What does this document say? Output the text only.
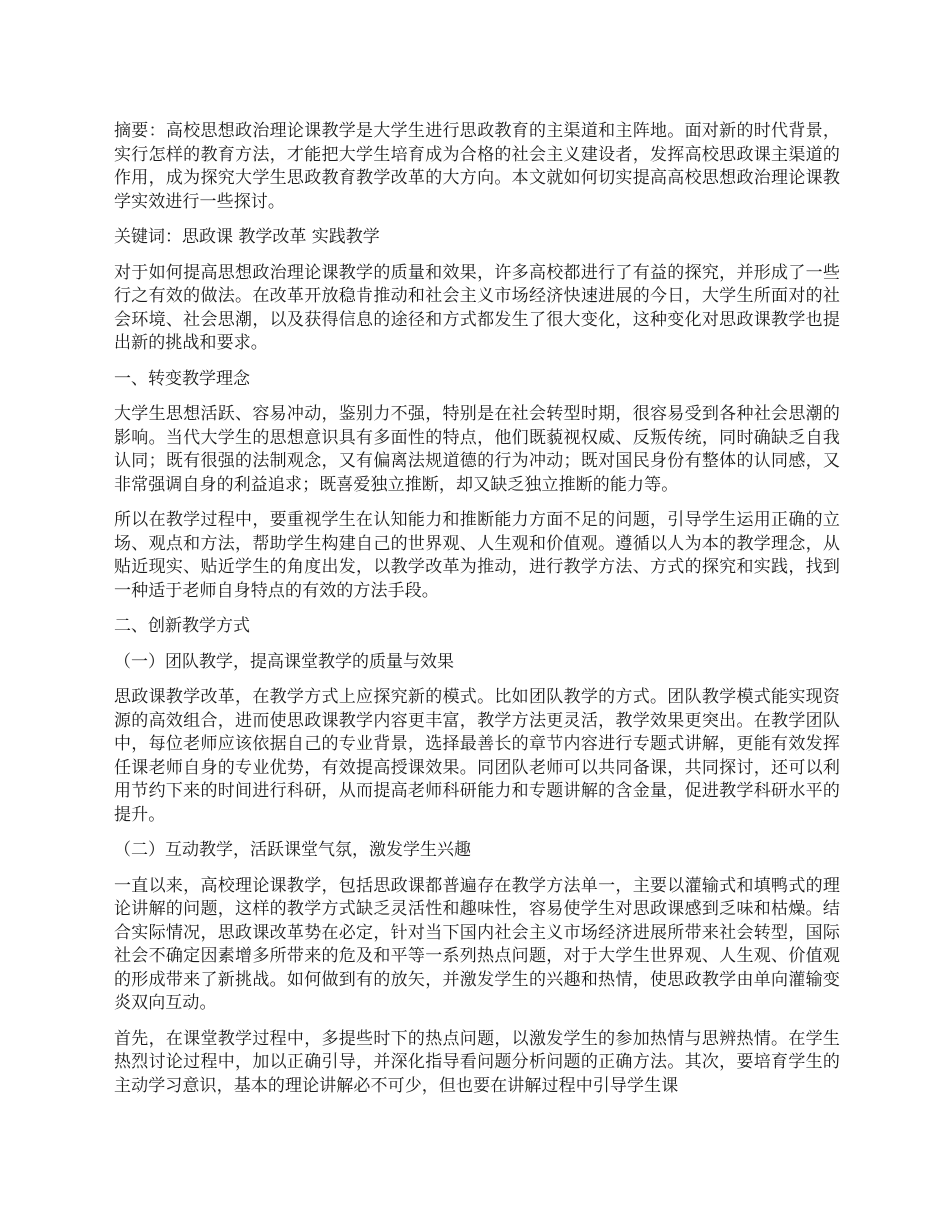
摘要：高校思想政治理论课教学是大学生进行思政教育的主渠道和主阵地。面对新的时代背景，实行怎样的教育方法，才能把大学生培育成为合格的社会主义建设者，发挥高校思政课主渠道的作用，成为探究大学生思政教育教学改革的大方向。本文就如何切实提高高校思想政治理论课教学实效进行一些探讨。

关键词：思政课 教学改革 实践教学

对于如何提高思想政治理论课教学的质量和效果，许多高校都进行了有益的探究，并形成了一些行之有效的做法。在改革开放稳肯推动和社会主义市场经济快速进展的今日，大学生所面对的社会环境、社会思潮，以及获得信息的途径和方式都发生了很大变化，这种变化对思政课教学也提出新的挑战和要求。

一、转变教学理念

大学生思想活跃、容易冲动，鉴别力不强，特别是在社会转型时期，很容易受到各种社会思潮的影响。当代大学生的思想意识具有多面性的特点，他们既藐视权威、反叛传统，同时确缺乏自我认同；既有很强的法制观念，又有偏离法规道德的行为冲动；既对国民身份有整体的认同感，又非常强调自身的利益追求；既喜爱独立推断，却又缺乏独立推断的能力等。

所以在教学过程中，要重视学生在认知能力和推断能力方面不足的问题，引导学生运用正确的立场、观点和方法，帮助学生构建自己的世界观、人生观和价值观。遵循以人为本的教学理念，从贴近现实、贴近学生的角度出发，以教学改革为推动，进行教学方法、方式的探究和实践，找到一种适于老师自身特点的有效的方法手段。

二、创新教学方式

（一）团队教学，提高课堂教学的质量与效果

思政课教学改革，在教学方式上应探究新的模式。比如团队教学的方式。团队教学模式能实现资源的高效组合，进而使思政课教学内容更丰富，教学方法更灵活，教学效果更突出。在教学团队中，每位老师应该依据自己的专业背景，选择最善长的章节内容进行专题式讲解，更能有效发挥任课老师自身的专业优势，有效提高授课效果。同团队老师可以共同备课，共同探讨，还可以利用节约下来的时间进行科研，从而提高老师科研能力和专题讲解的含金量，促进教学科研水平的提升。

（二）互动教学，活跃课堂气氛，激发学生兴趣

一直以来，高校理论课教学，包括思政课都普遍存在教学方法单一，主要以灌输式和填鸭式的理论讲解的问题，这样的教学方式缺乏灵活性和趣味性，容易使学生对思政课感到乏味和枯燥。结合实际情况，思政课改革势在必定，针对当下国内社会主义市场经济进展所带来社会转型，国际社会不确定因素增多所带来的危及和平等一系列热点问题，对于大学生世界观、人生观、价值观的形成带来了新挑战。如何做到有的放矢，并激发学生的兴趣和热情，使思政教学由单向灌输变炎双向互动。

首先，在课堂教学过程中，多提些时下的热点问题，以激发学生的参加热情与思辨热情。在学生热烈讨论过程中，加以正确引导，并深化指导看问题分析问题的正确方法。其次，要培育学生的主动学习意识，基本的理论讲解必不可少，但也要在讲解过程中引导学生课
